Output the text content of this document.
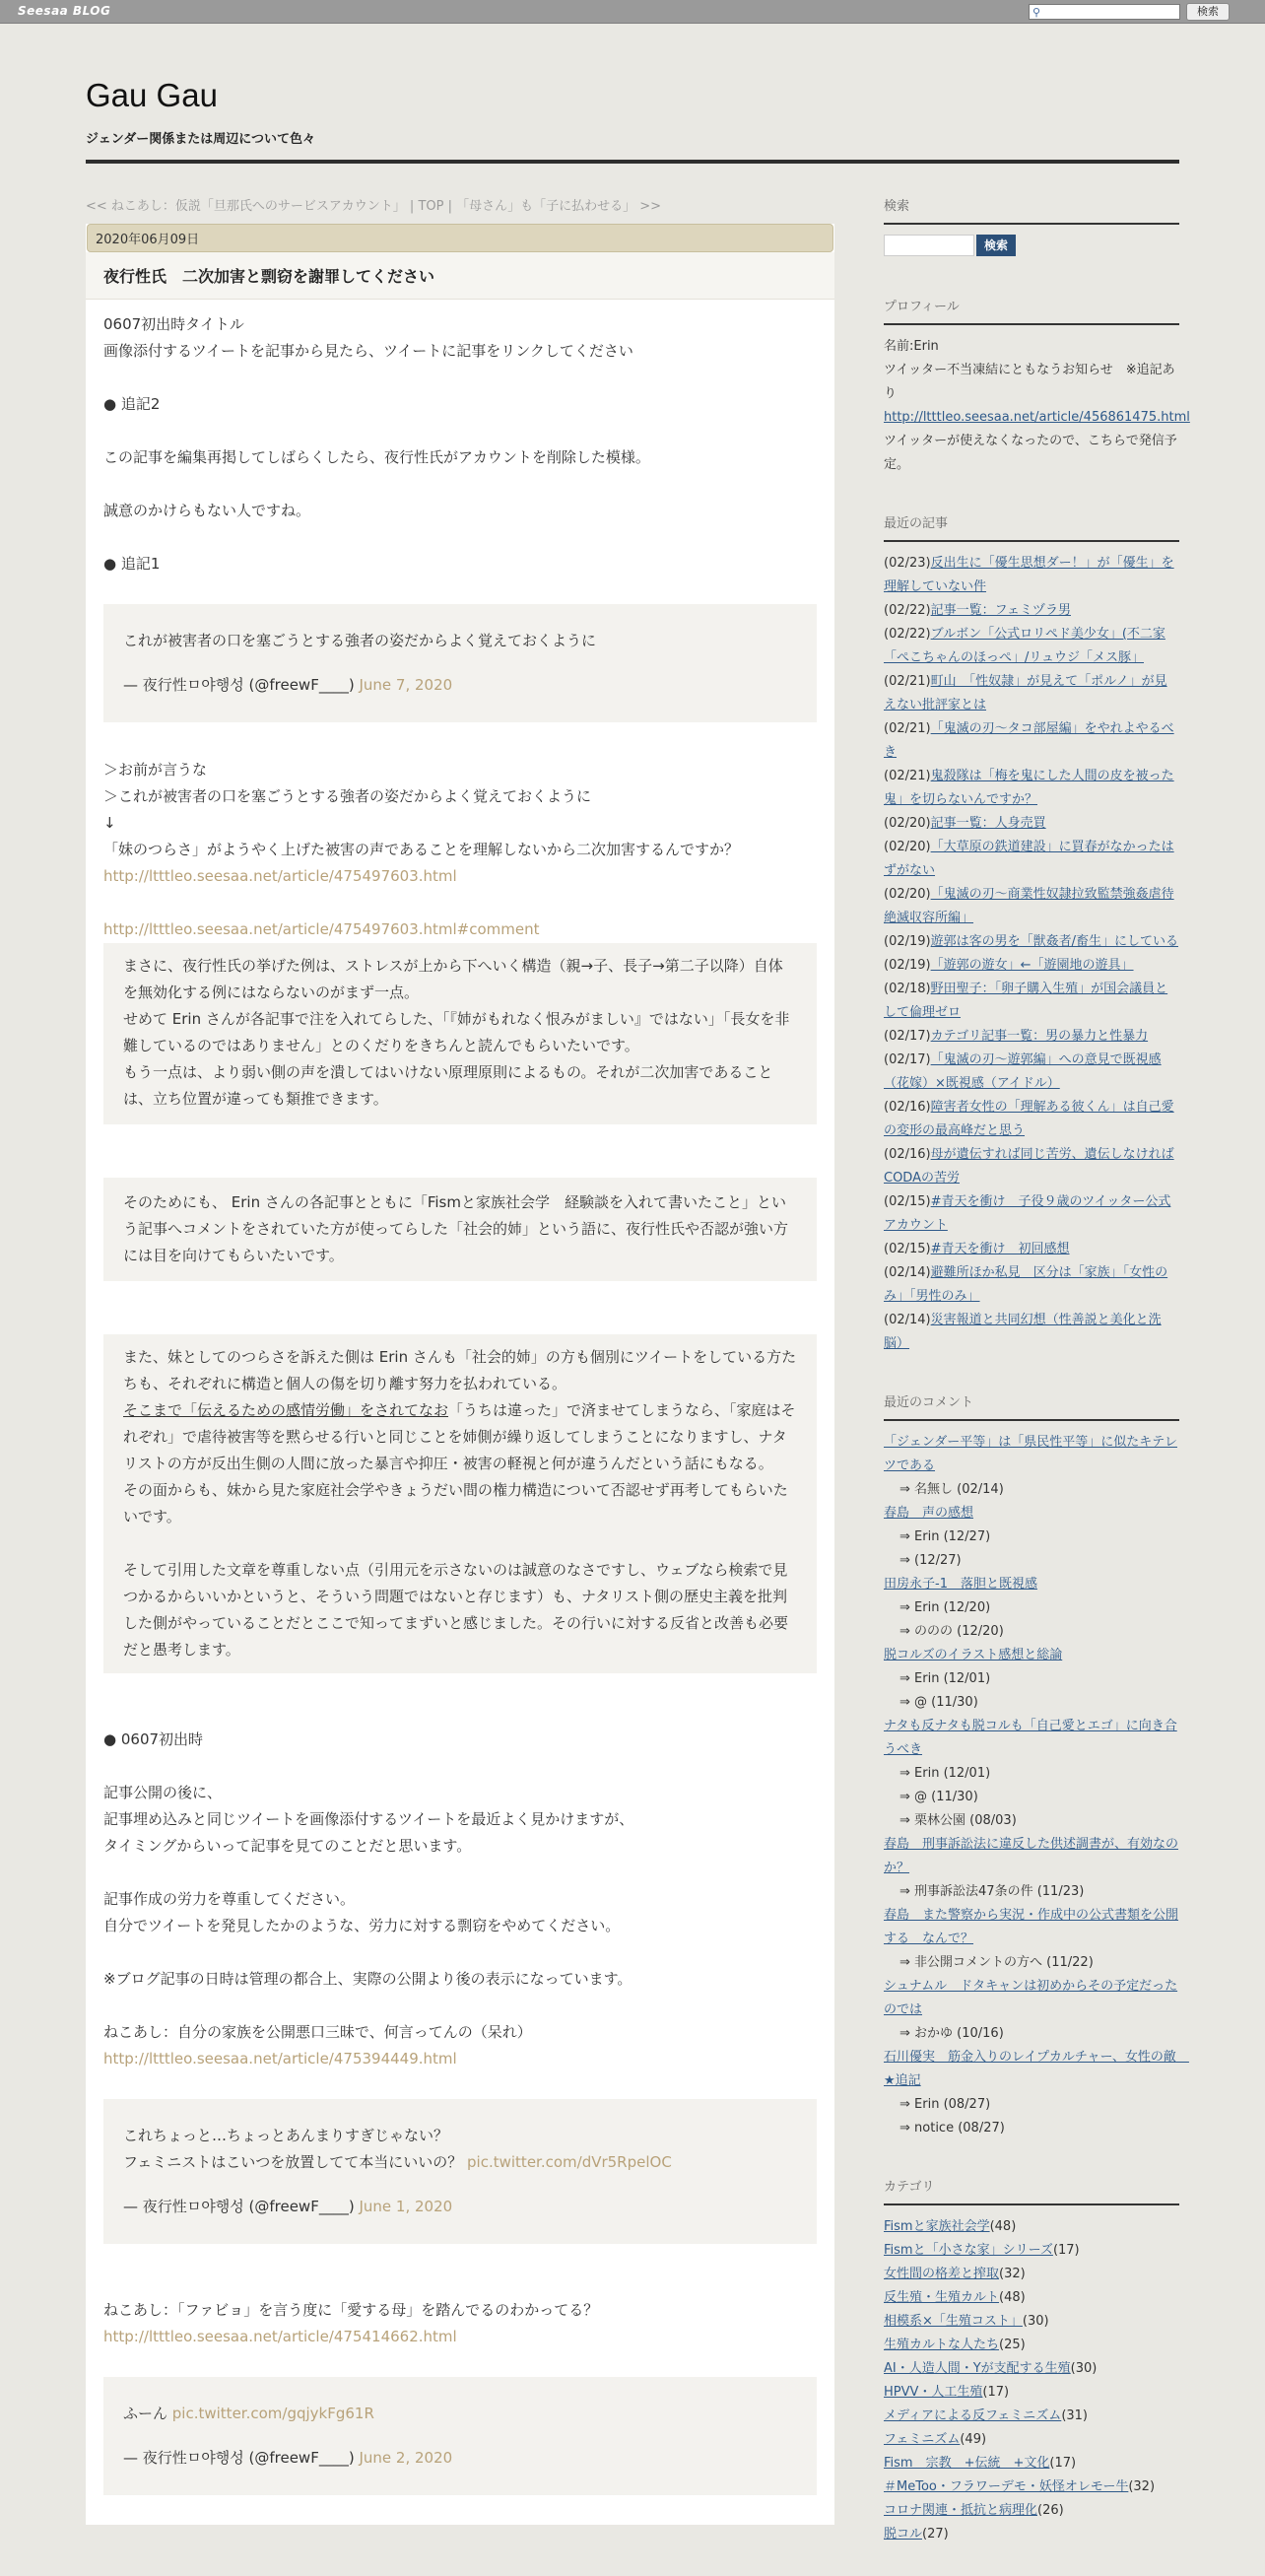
Seesaa BLOG	⚲	検索
Gau Gau
ジェンダー関係または周辺について色々
<< ねこあし：仮説「旦那氏へのサービスアカウント」 | TOP | 「母さん」も「子に払わせる」 >>
2020年06月09日
夜行性氏　二次加害と剽窃を謝罪してください

0607初出時タイトル

画像添付するツイートを記事から見たら、ツイートに記事をリンクしてください

● 追記2

この記事を編集再掲してしばらくしたら、夜行性氏がアカウントを削除した模様。

誠意のかけらもない人ですね。

● 追記1

これが被害者の口を塞ごうとする強者の姿だからよく覚えておくように

— 夜行性ㅁ야행성 (@freewF____) June 7, 2020

＞お前が言うな

＞これが被害者の口を塞ごうとする強者の姿だからよく覚えておくように

↓

「妹のつらさ」がようやく上げた被害の声であることを理解しないから二次加害するんですか？

http://ltttleo.seesaa.net/article/475497603.html

http://ltttleo.seesaa.net/article/475497603.html#comment

まさに、夜行性氏の挙げた例は、ストレスが上から下へいく構造（親→子、長子→第二子以降）自体を無効化する例にはならないのがまず一点。

せめて Erin さんが各記事で注を入れてらした、「『姉がもれなく恨みがましい』ではない」「長女を非難しているのではありません」とのくだりをきちんと読んでもらいたいです。

もう一点は、より弱い側の声を潰してはいけない原理原則によるもの。それが二次加害であることは、立ち位置が違っても類推できます。

そのためにも、 Erin さんの各記事とともに「Fismと家族社会学　経験談を入れて書いたこと」という記事へコメントをされていた方が使ってらした「社会的姉」という語に、夜行性氏や否認が強い方には目を向けてもらいたいです。

また、妹としてのつらさを訴えた側は Erin さんも「社会的姉」の方も個別にツイートをしている方たちも、それぞれに構造と個人の傷を切り離す努力を払われている。

そこまで「伝えるための感情労働」をされてなお「うちは違った」で済ませてしまうなら、「家庭はそれぞれ」で虐待被害等を黙らせる行いと同じことを姉側が繰り返してしまうことになりますし、ナタリストの方が反出生側の人間に放った暴言や抑圧・被害の軽視と何が違うんだという話にもなる。

その面からも、妹から見た家庭社会学やきょうだい間の権力構造について否認せず再考してもらいたいです。

そして引用した文章を尊重しない点（引用元を示さないのは誠意のなさですし、ウェブなら検索で見つかるからいいかというと、そういう問題ではないと存じます）も、ナタリスト側の歴史主義を批判した側がやっていることだとここで知ってまずいと感じました。その行いに対する反省と改善も必要だと愚考します。

● 0607初出時

記事公開の後に、

記事埋め込みと同じツイートを画像添付するツイートを最近よく見かけますが、

タイミングからいって記事を見てのことだと思います。

記事作成の労力を尊重してください。

自分でツイートを発見したかのような、労力に対する剽窃をやめてください。

※ブログ記事の日時は管理の都合上、実際の公開より後の表示になっています。

ねこあし：自分の家族を公開悪口三昧で、何言ってんの（呆れ）

http://ltttleo.seesaa.net/article/475394449.html

これちょっと…ちょっとあんまりすぎじゃない？

フェミニストはこいつを放置してて本当にいいの？ pic.twitter.com/dVr5RpelOC

— 夜行性ㅁ야행성 (@freewF____) June 1, 2020

ねこあし：「ファビョ」を言う度に「愛する母」を踏んでるのわかってる？

http://ltttleo.seesaa.net/article/475414662.html

ふーん pic.twitter.com/gqjykFg61R

— 夜行性ㅁ야행성 (@freewF____) June 2, 2020

検索
検索
プロフィール
名前:Erin
ツイッター不当凍結にともなうお知らせ　※追記あり
http://ltttleo.seesaa.net/article/456861475.html
ツイッターが使えなくなったので、こちらで発信予定。
最近の記事
(02/23)反出生に「優生思想ダー！」が「優生」を理解していない件
(02/22)記事一覧：フェミヅラ男
(02/22)ブルボン「公式ロリペド美少女」(不二家「ぺこちゃんのほっぺ」/リュウジ「メス豚」
(02/21)町山　「性奴隷」が見えて「ポルノ」が見えない批評家とは
(02/21)「鬼滅の刃～タコ部屋編」をやれよやるべき
(02/21)鬼殺隊は「梅を鬼にした人間の皮を被った鬼」を切らないんですか？
(02/20)記事一覧：人身売買
(02/20)「大草原の鉄道建設」に買春がなかったはずがない
(02/20)「鬼滅の刃～商業性奴隷拉致監禁強姦虐待絶滅収容所編」
(02/19)遊郭は客の男を「獣姦者/畜生」にしている
(02/19)「遊郭の遊女」←「遊園地の遊具」
(02/18)野田聖子：「卵子購入生殖」が国会議員として倫理ゼロ
(02/17)カテゴリ記事一覧：男の暴力と性暴力
(02/17)「鬼滅の刃～遊郭編」への意見で既視感（花嫁）×既視感（アイドル）
(02/16)障害者女性の「理解ある彼くん」は自己愛の変形の最高峰だと思う
(02/16)母が遺伝すれば同じ苦労、遺伝しなければCODAの苦労
(02/15)#青天を衝け　子役９歳のツイッター公式アカウント
(02/15)#青天を衝け　初回感想
(02/14)避難所ほか私見　区分は「家族」「女性のみ」「男性のみ」
(02/14)災害報道と共同幻想（性善説と美化と洗脳）
最近のコメント
「ジェンダー平等」は「県民性平等」に似たキテレツである
⇒ 名無し (02/14)
春島　声の感想
⇒ Erin (12/27)
⇒ (12/27)
田房永子-1　落胆と既視感
⇒ Erin (12/20)
⇒ ののの (12/20)
脱コルズのイラスト感想と総論
⇒ Erin (12/01)
⇒ @ (11/30)
ナタも反ナタも脱コルも「自己愛とエゴ」に向き合うべき
⇒ Erin (12/01)
⇒ @ (11/30)
⇒ 栗林公園 (08/03)
春島　刑事訴訟法に違反した供述調書が、有効なのか？
⇒ 刑事訴訟法47条の件 (11/23)
春島　また警察から実況・作成中の公式書類を公開する　なんで？
⇒ 非公開コメントの方へ (11/22)
シュナムル　ドタキャンは初めからその予定だったのでは
⇒ おかゆ (10/16)
石川優実　筋金入りのレイプカルチャー、女性の敵　★追記
⇒ Erin (08/27)
⇒ notice (08/27)
カテゴリ
Fismと家族社会学(48)
Fismと「小さな家」シリーズ(17)
女性間の格差と搾取(32)
反生殖・生殖カルト(48)
相模系×「生殖コスト」(30)
生殖カルトな人たち(25)
AI・人造人間・Yが支配する生殖(30)
HPVV・人工生殖(17)
メディアによる反フェミニズム(31)
フェミニズム(49)
Fism　宗教　+伝統　+文化(17)
＃MeToo・フラワーデモ・妖怪オレモー牛(32)
コロナ関連・抵抗と病理化(26)
脱コル(27)
